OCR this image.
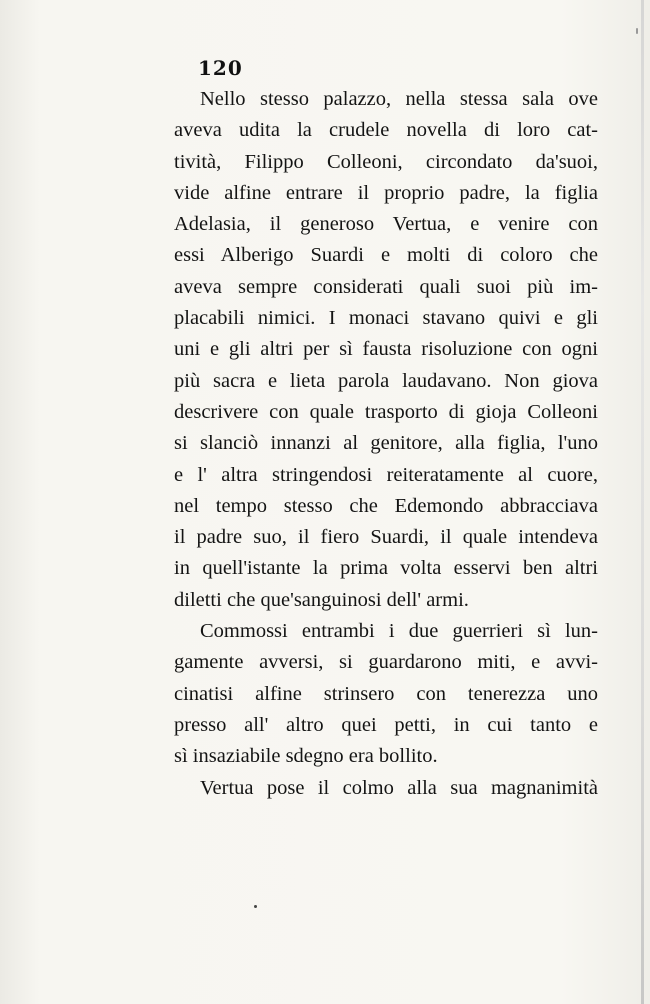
120
Nello stesso palazzo, nella stessa sala ove
aveva udita la crudele novella di loro cat-
tività, Filippo Colleoni, circondato da'suoi,
vide alfine entrare il proprio padre, la figlia
Adelasia, il generoso Vertua, e venire con
essi Alberigo Suardi e molti di coloro che
aveva sempre considerati quali suoi più im-
placabili nimici. I monaci stavano quivi e gli
uni e gli altri per sì fausta risoluzione con ogni
più sacra e lieta parola laudavano. Non giova
descrivere con quale trasporto di gioja Colleoni
si slanciò innanzi al genitore, alla figlia, l'uno
e l' altra stringendosi reiteratamente al cuore,
nel tempo stesso che Edemondo abbracciava
il padre suo, il fiero Suardi, il quale intendeva
in quell'istante la prima volta esservi ben altri
diletti che que'sanguinosi dell' armi.
Commossi entrambi i due guerrieri sì lun-
gamente avversi, si guardarono miti, e avvi-
cinatisi alfine strinsero con tenerezza uno
presso all' altro quei petti, in cui tanto e
sì insaziabile sdegno era bollito.
Vertua pose il colmo alla sua magnanimità
